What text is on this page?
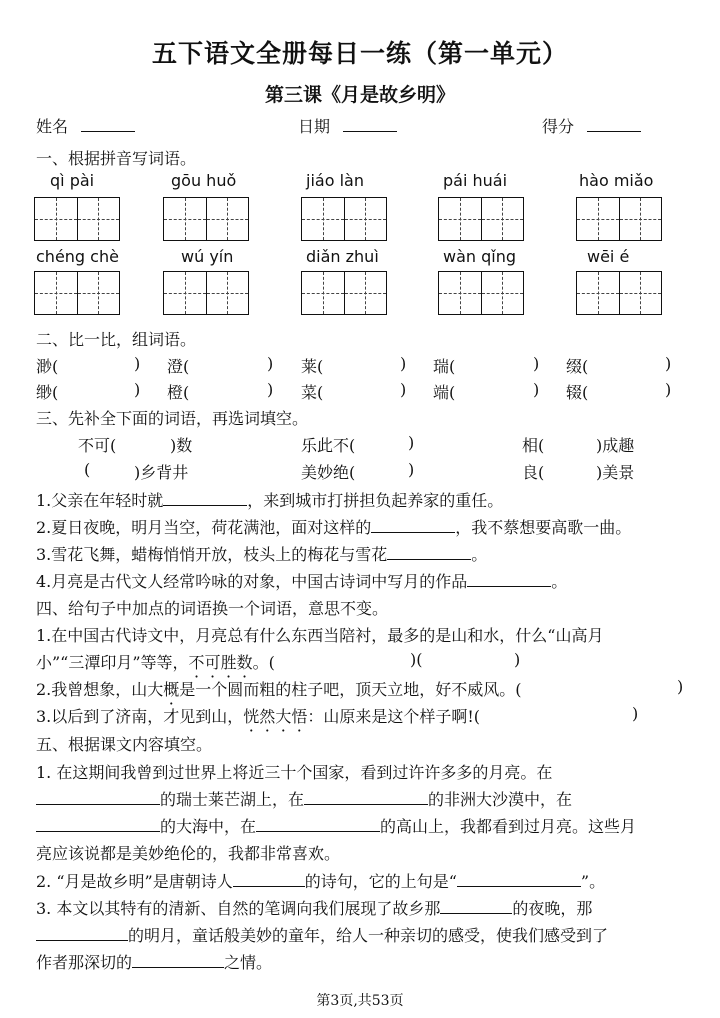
五下语文全册每日一练（第一单元）
第三课《月是故乡明》
姓名	日期	得分
一、根据拼音写词语。
qì pài	gōu huǒ	jiáo làn	pái huái	hào miǎo
chéng chè	wú yín	diǎn zhuì	wàn qǐng	wēi é
二、比一比，组词语。
渺(	) 澄(	) 莱(	) 瑞(	) 缀(	)
缈(	) 橙(	) 菜(	) 端(	) 辍(	)
三、先补全下面的词语，再选词填空。
不可(	)数	乐此不(	)	相(	)成趣
(	)乡背井	美妙绝(	)	良(	)美景
1.父亲在年轻时就	，来到城市打拼担负起养家的重任。
2.夏日夜晚，明月当空，荷花满池，面对这样的	，我不蔡想要高歌一曲。
3.雪花飞舞，蜡梅悄悄开放，枝头上的梅花与雪花	。
4.月亮是古代文人经常吟咏的对象，中国古诗词中写月的作品	。
四、给句子中加点的词语换一个词语，意思不变。
1.在中国古代诗文中，月亮总有什么东西当陪衬，最多的是山和水，什么“山高月
小”“三潭印月”等等，不可胜数。(	)(	)
2.我曾想象，山大概是一个圆而粗的柱子吧，顶天立地，好不威风。(	)
3.以后到了济南，才见到山，恍然大悟：山原来是这个样子啊!(	)
五、根据课文内容填空。
1. 在这期间我曾到过世界上将近三十个国家，看到过许许多多的月亮。在
的瑞士莱芒湖上，在	的非洲大沙漠中，在
的大海中，在	的高山上，我都看到过月亮。这些月
亮应该说都是美妙绝伦的，我都非常喜欢。
2. “月是故乡明”是唐朝诗人	的诗句，它的上句是“	”。
3. 本文以其特有的清新、自然的笔调向我们展现了故乡那	的夜晚，那
的明月，童话般美妙的童年，给人一种亲切的感受，使我们感受到了
作者那深切的	之情。
第3页,共53页
